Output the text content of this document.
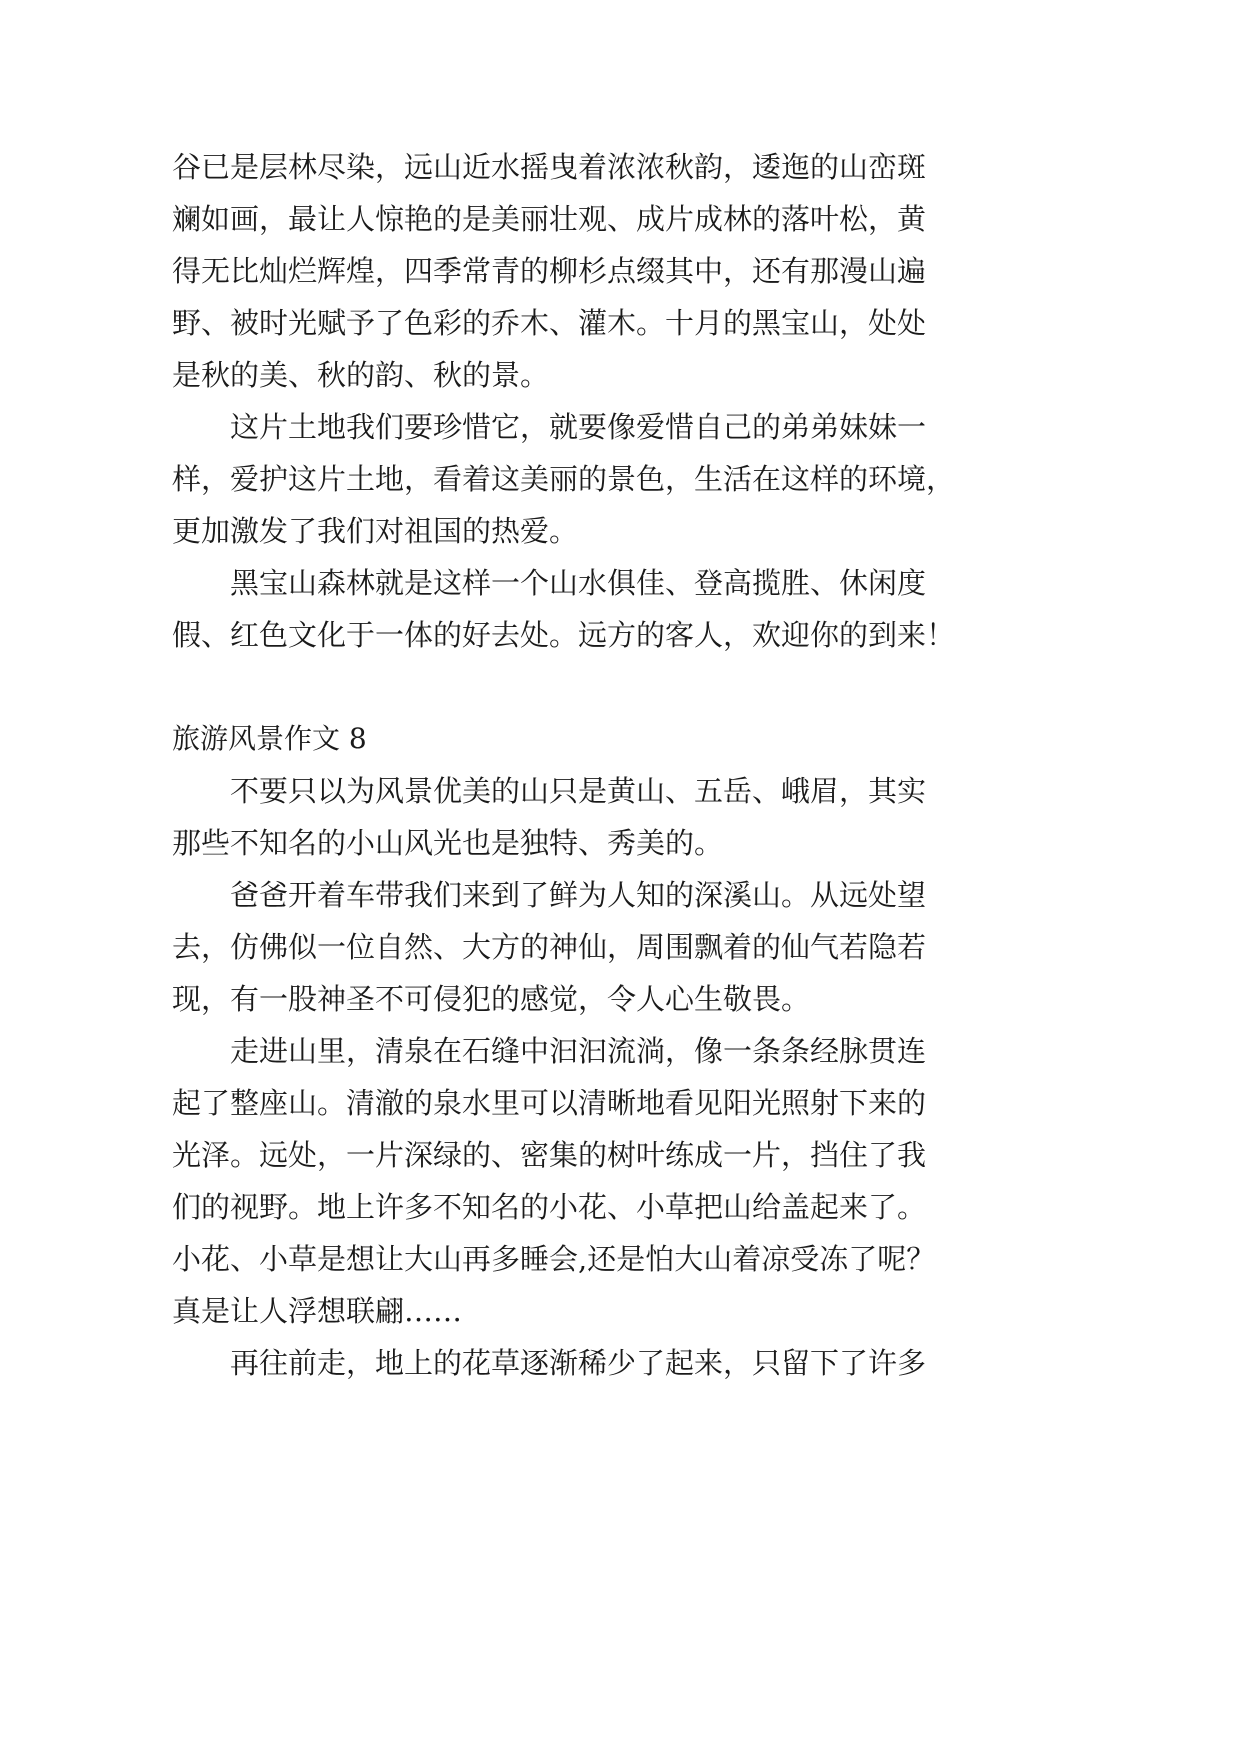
谷已是层林尽染，远山近水摇曳着浓浓秋韵，逶迤的山峦斑
斓如画，最让人惊艳的是美丽壮观、成片成林的落叶松，黄
得无比灿烂辉煌，四季常青的柳杉点缀其中，还有那漫山遍
野、被时光赋予了色彩的乔木、灌木。十月的黑宝山，处处
是秋的美、秋的韵、秋的景。
这片土地我们要珍惜它，就要像爱惜自己的弟弟妹妹一
样，爱护这片土地，看着这美丽的景色，生活在这样的环境，
更加激发了我们对祖国的热爱。
黑宝山森林就是这样一个山水俱佳、登高揽胜、休闲度
假、红色文化于一体的好去处。远方的客人，欢迎你的到来！
旅游风景作文 8
不要只以为风景优美的山只是黄山、五岳、峨眉，其实
那些不知名的小山风光也是独特、秀美的。
爸爸开着车带我们来到了鲜为人知的深溪山。从远处望
去，仿佛似一位自然、大方的神仙，周围飘着的仙气若隐若
现，有一股神圣不可侵犯的感觉，令人心生敬畏。
走进山里，清泉在石缝中汩汩流淌，像一条条经脉贯连
起了整座山。清澈的泉水里可以清晰地看见阳光照射下来的
光泽。远处，一片深绿的、密集的树叶练成一片，挡住了我
们的视野。地上许多不知名的小花、小草把山给盖起来了。
小花、小草是想让大山再多睡会,还是怕大山着凉受冻了呢？
真是让人浮想联翩……
再往前走，地上的花草逐渐稀少了起来，只留下了许多
